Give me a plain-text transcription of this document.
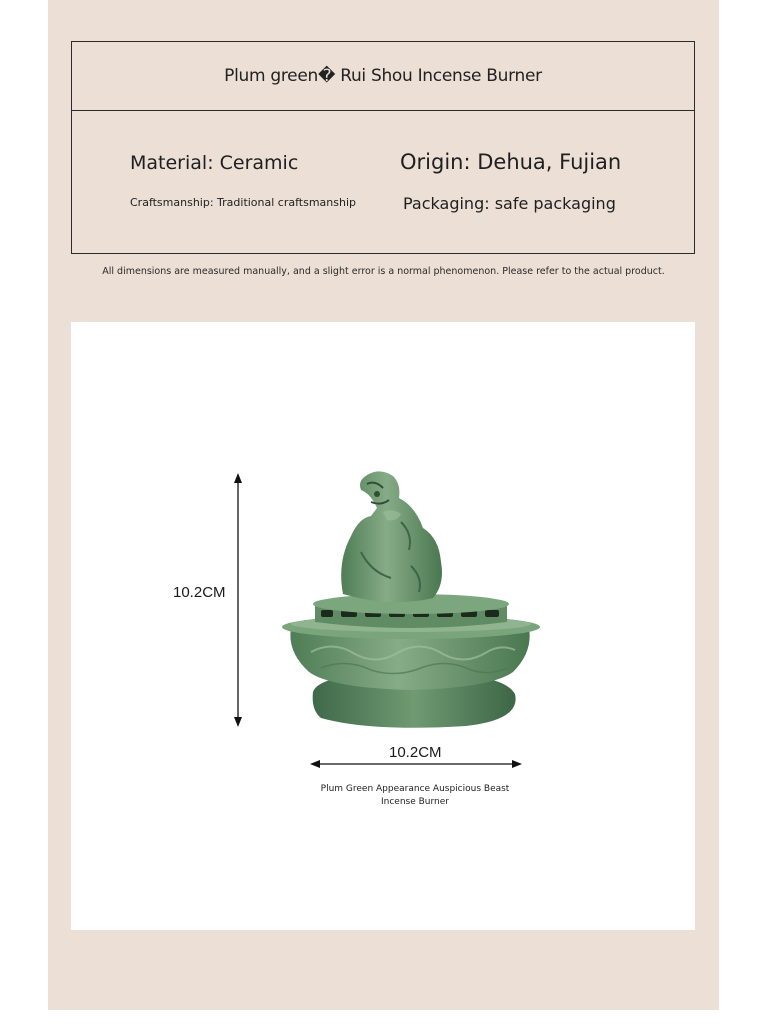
Plum green� Rui Shou Incense Burner
Material: Ceramic	Origin: Dehua, Fujian
Craftsmanship: Traditional craftsmanship	Packaging: safe packaging
All dimensions are measured manually, and a slight error is a normal phenomenon. Please refer to the actual product.
10.2CM
10.2CM
Plum Green Appearance Auspicious Beast Incense Burner
